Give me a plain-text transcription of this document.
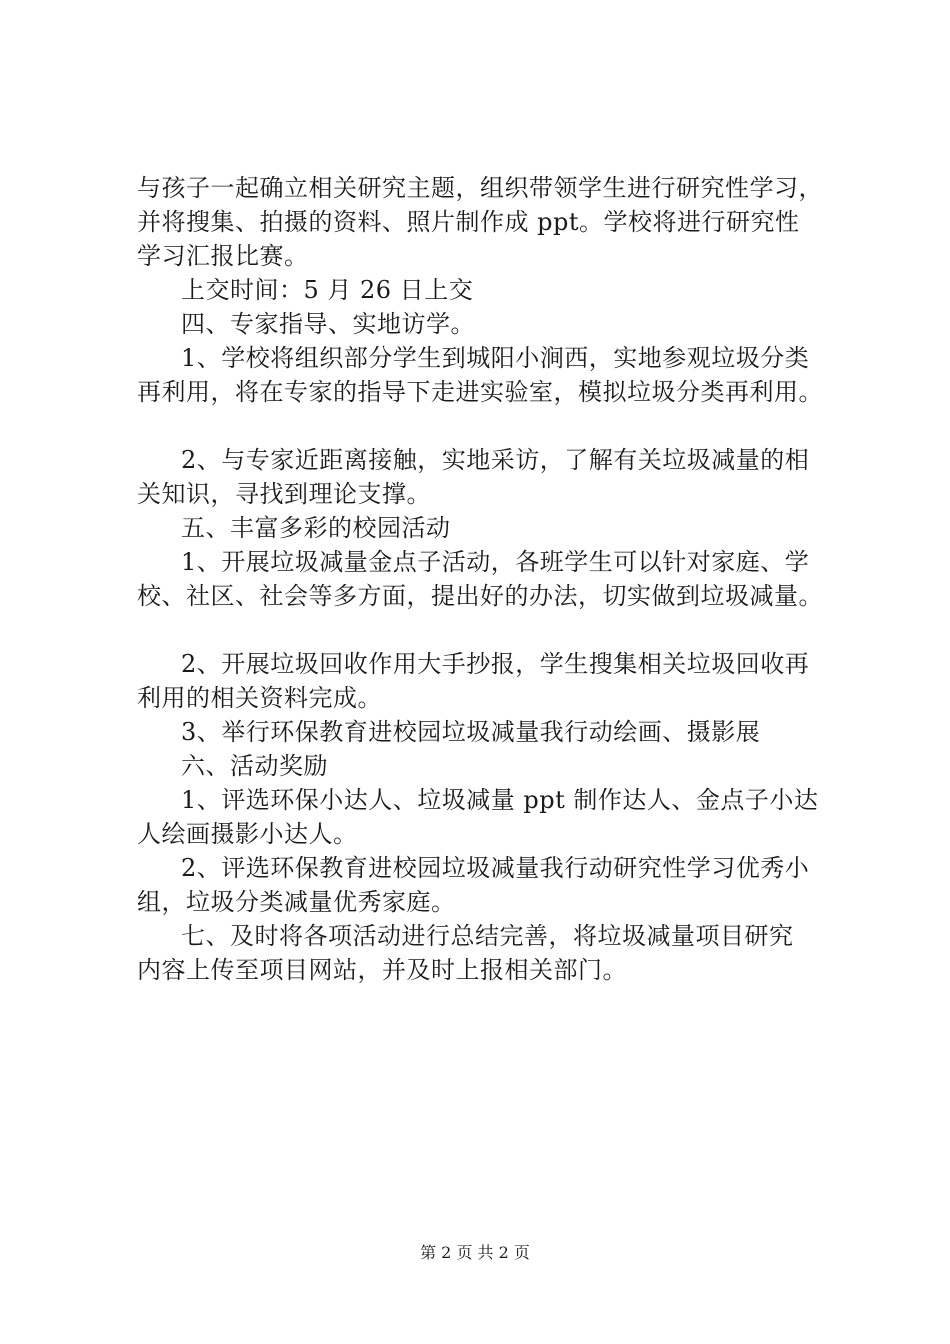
与孩子一起确立相关研究主题，组织带领学生进行研究性学习，
并将搜集、拍摄的资料、照片制作成 ppt。学校将进行研究性
学习汇报比赛。
上交时间：5 月 26 日上交
四、专家指导、实地访学。
1、学校将组织部分学生到城阳小涧西，实地参观垃圾分类
再利用，将在专家的指导下走进实验室，模拟垃圾分类再利用。
2、与专家近距离接触，实地采访，了解有关垃圾减量的相
关知识，寻找到理论支撑。
五、丰富多彩的校园活动
1、开展垃圾减量金点子活动，各班学生可以针对家庭、学
校、社区、社会等多方面，提出好的办法，切实做到垃圾减量。
2、开展垃圾回收作用大手抄报，学生搜集相关垃圾回收再
利用的相关资料完成。
3、举行环保教育进校园垃圾减量我行动绘画、摄影展
六、活动奖励
1、评选环保小达人、垃圾减量 ppt 制作达人、金点子小达
人绘画摄影小达人。
2、评选环保教育进校园垃圾减量我行动研究性学习优秀小
组，垃圾分类减量优秀家庭。
七、及时将各项活动进行总结完善，将垃圾减量项目研究
内容上传至项目网站，并及时上报相关部门。
第 2 页 共 2 页
